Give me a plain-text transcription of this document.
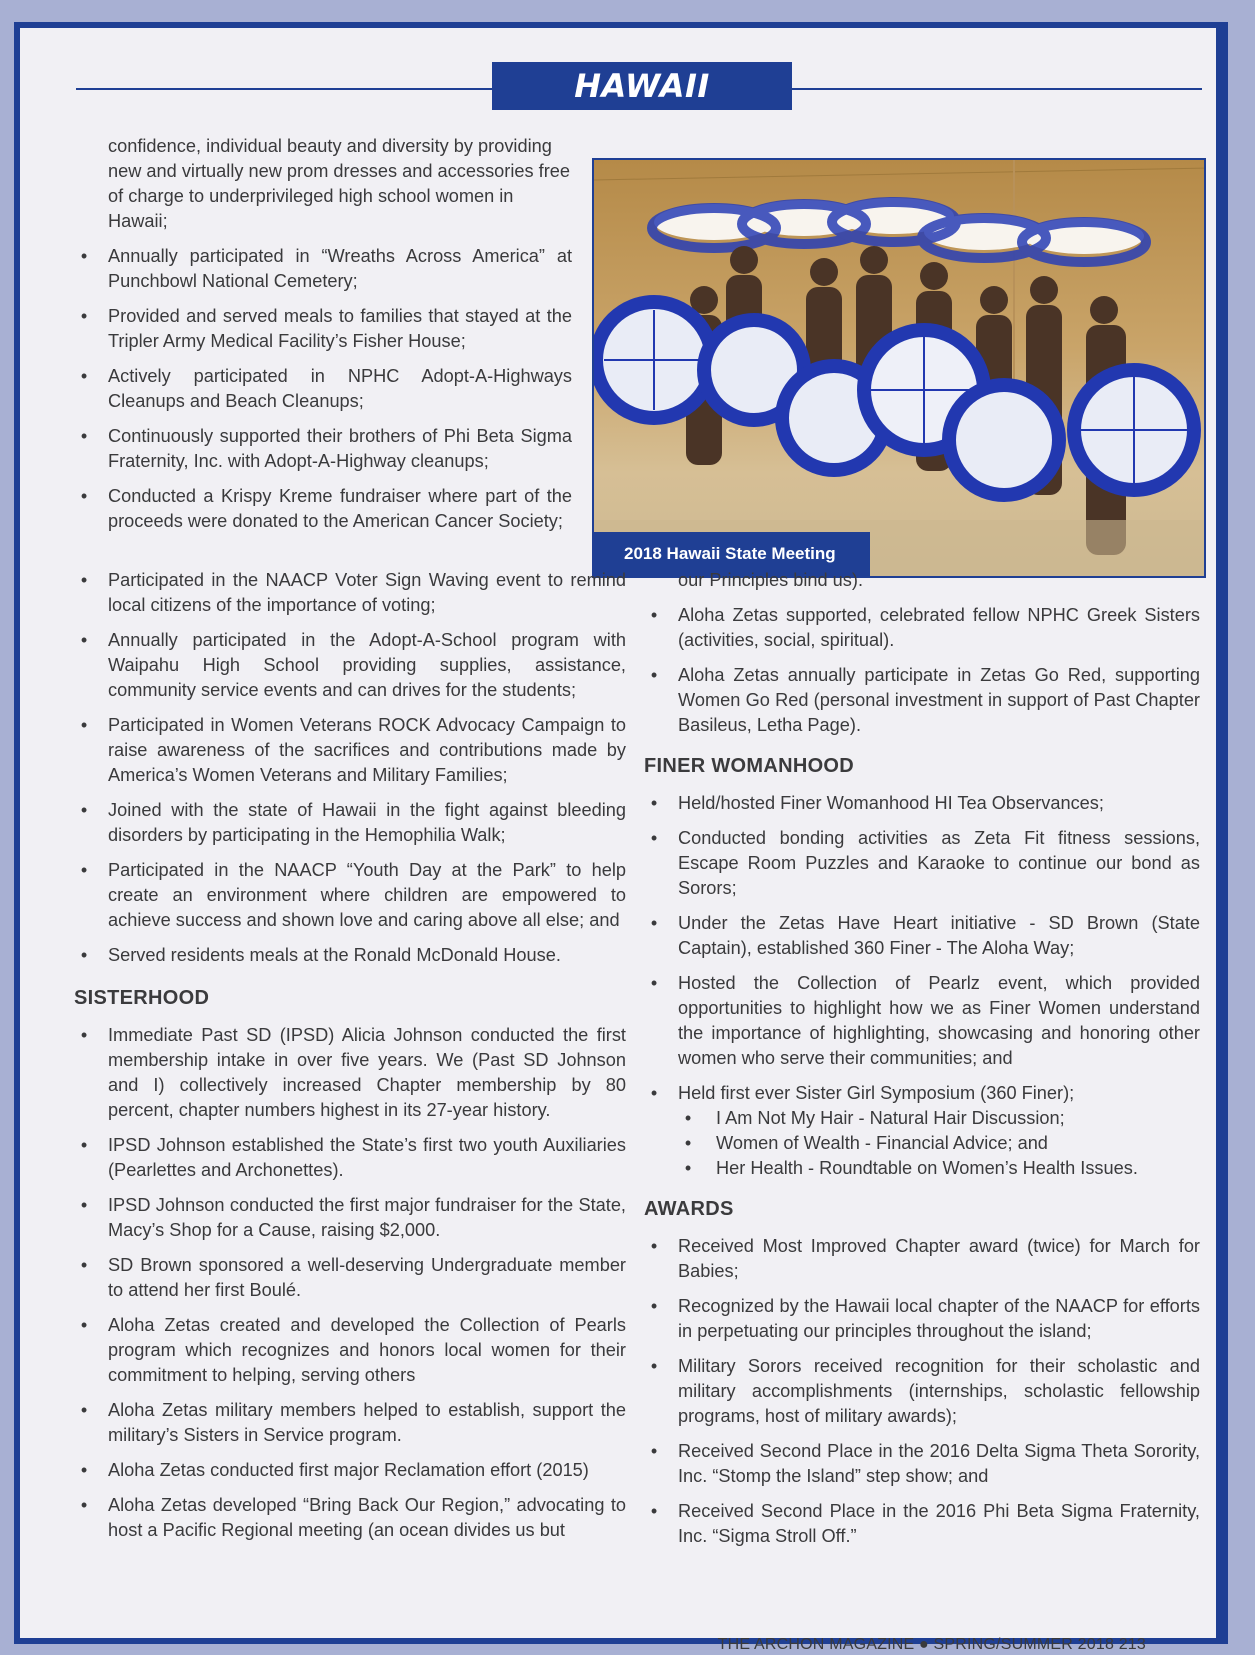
HAWAII

confidence, individual beauty and diversity by providing new and virtually new prom dresses and accessories free of charge to underprivileged high school women in Hawaii;

•	Annually participated in “Wreaths Across America” at Punchbowl National Cemetery;
•	Provided and served meals to families that stayed at the Tripler Army Medical Facility’s Fisher House;
•	Actively participated in NPHC Adopt-A-Highways Cleanups and Beach Cleanups;
•	Continuously supported their brothers of Phi Beta Sigma Fraternity, Inc. with Adopt-A-Highway cleanups;
•	Conducted a Krispy Kreme fundraiser where part of the proceeds were donated to the American Cancer Society;
2018 Hawaii State Meeting
•	Participated in the NAACP Voter Sign Waving event to remind local citizens of the importance of voting;
•	Annually participated in the Adopt-A-School program with Waipahu High School providing supplies, assistance, community service events and can drives for the students;
•	Participated in Women Veterans ROCK Advocacy Campaign to raise awareness of the sacrifices and contributions made by America’s Women Veterans and Military Families;
•	Joined with the state of Hawaii in the fight against bleeding disorders by participating in the Hemophilia Walk;
•	Participated in the NAACP “Youth Day at the Park” to help create an environment where children are empowered to achieve success and shown love and caring above all else; and
•	Served residents meals at the Ronald McDonald House.
SISTERHOOD
•	Immediate Past SD (IPSD) Alicia Johnson conducted the first membership intake in over five years. We (Past SD Johnson and I) collectively increased Chapter membership by 80 percent, chapter numbers highest in its 27-year history.
•	IPSD Johnson established the State’s first two youth Auxiliaries (Pearlettes and Archonettes).
•	IPSD Johnson conducted the first major fundraiser for the State, Macy’s Shop for a Cause, raising $2,000.
•	SD Brown sponsored a well-deserving Undergraduate member to attend her first Boulé.
•	Aloha Zetas created and developed the Collection of Pearls program which recognizes and honors local women for their commitment to helping, serving others
•	Aloha Zetas military members helped to establish, support the military’s Sisters in Service program.
•	Aloha Zetas conducted first major Reclamation effort (2015)
•	Aloha Zetas developed “Bring Back Our Region,” advocating to host a Pacific Regional meeting (an ocean divides us but

our Principles bind us).

•	Aloha Zetas supported, celebrated fellow NPHC Greek Sisters (activities, social, spiritual).
•	Aloha Zetas annually participate in Zetas Go Red, supporting Women Go Red (personal investment in support of Past Chapter Basileus, Letha Page).
FINER WOMANHOOD
•	Held/hosted Finer Womanhood HI Tea Observances;
•	Conducted bonding activities as Zeta Fit fitness sessions, Escape Room Puzzles and Karaoke to continue our bond as Sorors;
•	Under the Zetas Have Heart initiative - SD Brown (State Captain), established 360 Finer - The Aloha Way;
•	Hosted the Collection of Pearlz event, which provided opportunities to highlight how we as Finer Women understand the importance of highlighting, showcasing and honoring other women who serve their communities; and
•	Held first ever Sister Girl Symposium (360 Finer);
•	I Am Not My Hair - Natural Hair Discussion;
•	Women of Wealth - Financial Advice; and
•	Her Health - Roundtable on Women’s Health Issues.
AWARDS
•	Received Most Improved Chapter award (twice) for March for Babies;
•	Recognized by the Hawaii local chapter of the NAACP for efforts in perpetuating our principles throughout the island;
•	Military Sorors received recognition for their scholastic and military accomplishments (internships, scholastic fellowship programs, host of military awards);
•	Received Second Place in the 2016 Delta Sigma Theta Sorority, Inc. “Stomp the Island” step show; and
•	Received Second Place in the 2016 Phi Beta Sigma Fraternity, Inc. “Sigma Stroll Off.”
THE ARCHON MAGAZINE ● SPRING/SUMMER 2018 213
